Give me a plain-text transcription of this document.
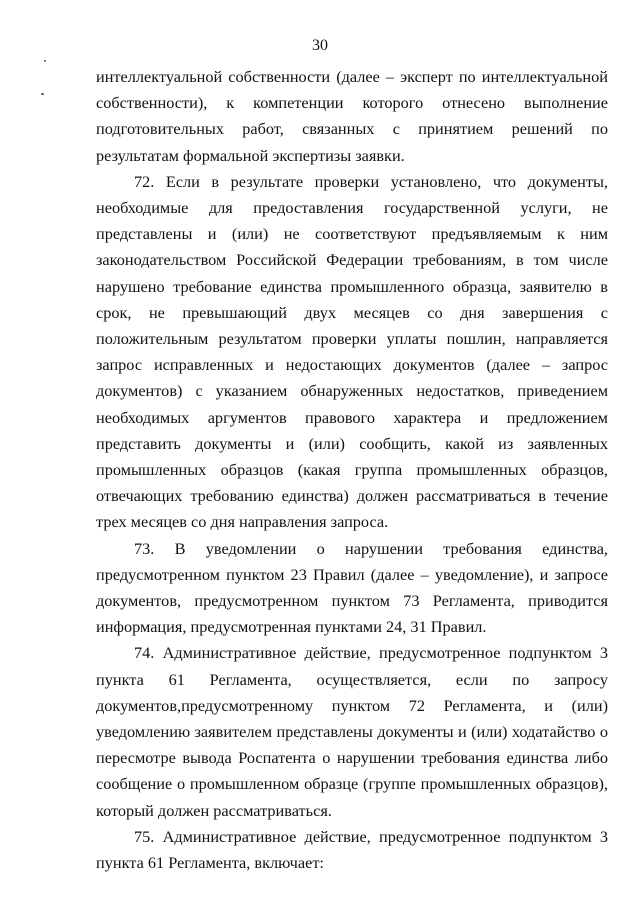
30

интеллектуальной собственности (далее – эксперт по интеллектуальной собственности), к компетенции которого отнесено выполнение подготовительных работ, связанных с принятием решений по результатам формальной экспертизы заявки.

72. Если в результате проверки установлено, что документы, необходимые для предоставления государственной услуги, не представлены и (или) не соответствуют предъявляемым к ним законодательством Российской Федерации требованиям, в том числе нарушено требование единства промышленного образца, заявителю в срок, не превышающий двух месяцев со дня завершения с положительным результатом проверки уплаты пошлин, направляется запрос исправленных и недостающих документов (далее – запрос документов) с указанием обнаруженных недостатков, приведением необходимых аргументов правового характера и предложением представить документы и (или) сообщить, какой из заявленных промышленных образцов (какая группа промышленных образцов, отвечающих требованию единства) должен рассматриваться в течение трех месяцев со дня направления запроса.

73. В уведомлении о нарушении требования единства, предусмотренном пунктом 23 Правил (далее – уведомление), и запросе документов, предусмотренном пунктом 73 Регламента, приводится информация, предусмотренная пунктами 24, 31 Правил.

74. Административное действие, предусмотренное подпунктом 3 пункта 61 Регламента, осуществляется, если по запросу документов,предусмотренному пунктом 72 Регламента, и (или) уведомлению заявителем представлены документы и (или) ходатайство о пересмотре вывода Роспатента о нарушении требования единства либо сообщение о промышленном образце (группе промышленных образцов), который должен рассматриваться.

75. Административное действие, предусмотренное подпунктом 3 пункта 61 Регламента, включает:
